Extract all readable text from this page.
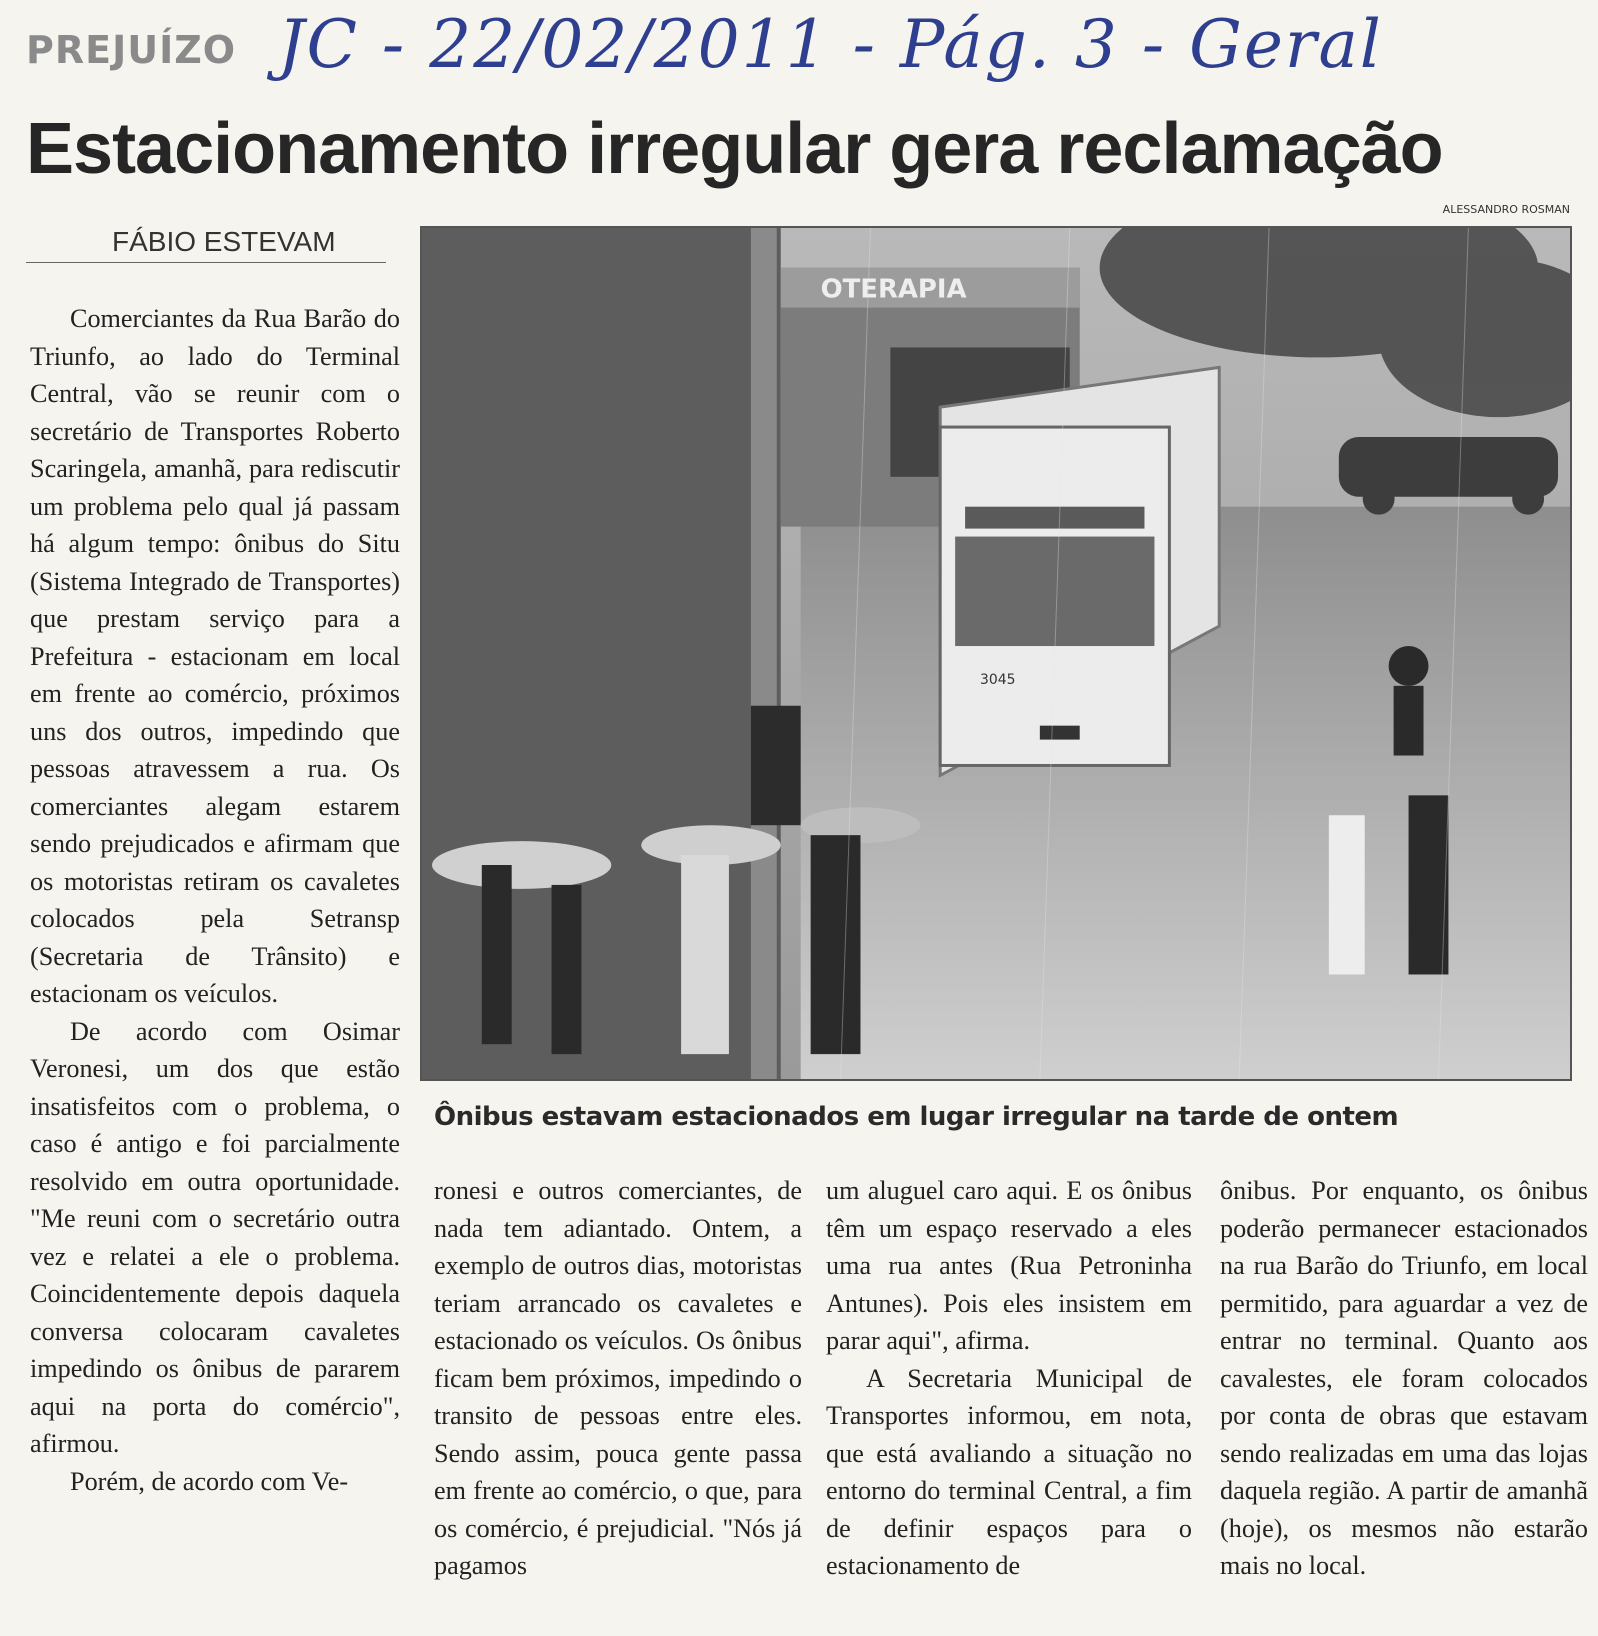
PREJUÍZO JC - 22/02/2011 - Pág. 3 - Geral
Estacionamento irregular gera reclamação
ALESSANDRO ROSMAN
FÁBIO ESTEVAM
OTERAPIA
3045
Ônibus estavam estacionados em lugar irregular na tarde de ontem

Comerciantes da Rua Barão do Triunfo, ao lado do Terminal Central, vão se reunir com o secretário de Transportes Roberto Scaringela, amanhã, para rediscutir um problema pelo qual já passam há algum tempo: ônibus do Situ (Sistema Integrado de Transportes) que prestam serviço para a Prefeitura - estacionam em local em frente ao comércio, próximos uns dos outros, impedindo que pessoas atravessem a rua. Os comerciantes alegam estarem sendo prejudicados e afirmam que os motoristas retiram os cavaletes colocados pela Setransp (Secretaria de Trânsito) e estacionam os veículos.

De acordo com Osimar Veronesi, um dos que estão insatisfeitos com o problema, o caso é antigo e foi parcialmente resolvido em outra oportunidade. "Me reuni com o secretário outra vez e relatei a ele o problema. Coincidentemente depois daquela conversa colocaram cavaletes impedindo os ônibus de pararem aqui na porta do comércio", afirmou.

Porém, de acordo com Ve-

ronesi e outros comerciantes, de nada tem adiantado. Ontem, a exemplo de outros dias, motoristas teriam arrancado os cavaletes e estacionado os veículos. Os ônibus ficam bem próximos, impedindo o transito de pessoas entre eles. Sendo assim, pouca gente passa em frente ao comércio, o que, para os comércio, é prejudicial. "Nós já pagamos

um aluguel caro aqui. E os ônibus têm um espaço reservado a eles uma rua antes (Rua Petroninha Antunes). Pois eles insistem em parar aqui", afirma.

A Secretaria Municipal de Transportes informou, em nota, que está avaliando a situação no entorno do terminal Central, a fim de definir espaços para o estacionamento de

ônibus. Por enquanto, os ônibus poderão permanecer estacionados na rua Barão do Triunfo, em local permitido, para aguardar a vez de entrar no terminal. Quanto aos cavalestes, ele foram colocados por conta de obras que estavam sendo realizadas em uma das lojas daquela região. A partir de amanhã (hoje), os mesmos não estarão mais no local.
